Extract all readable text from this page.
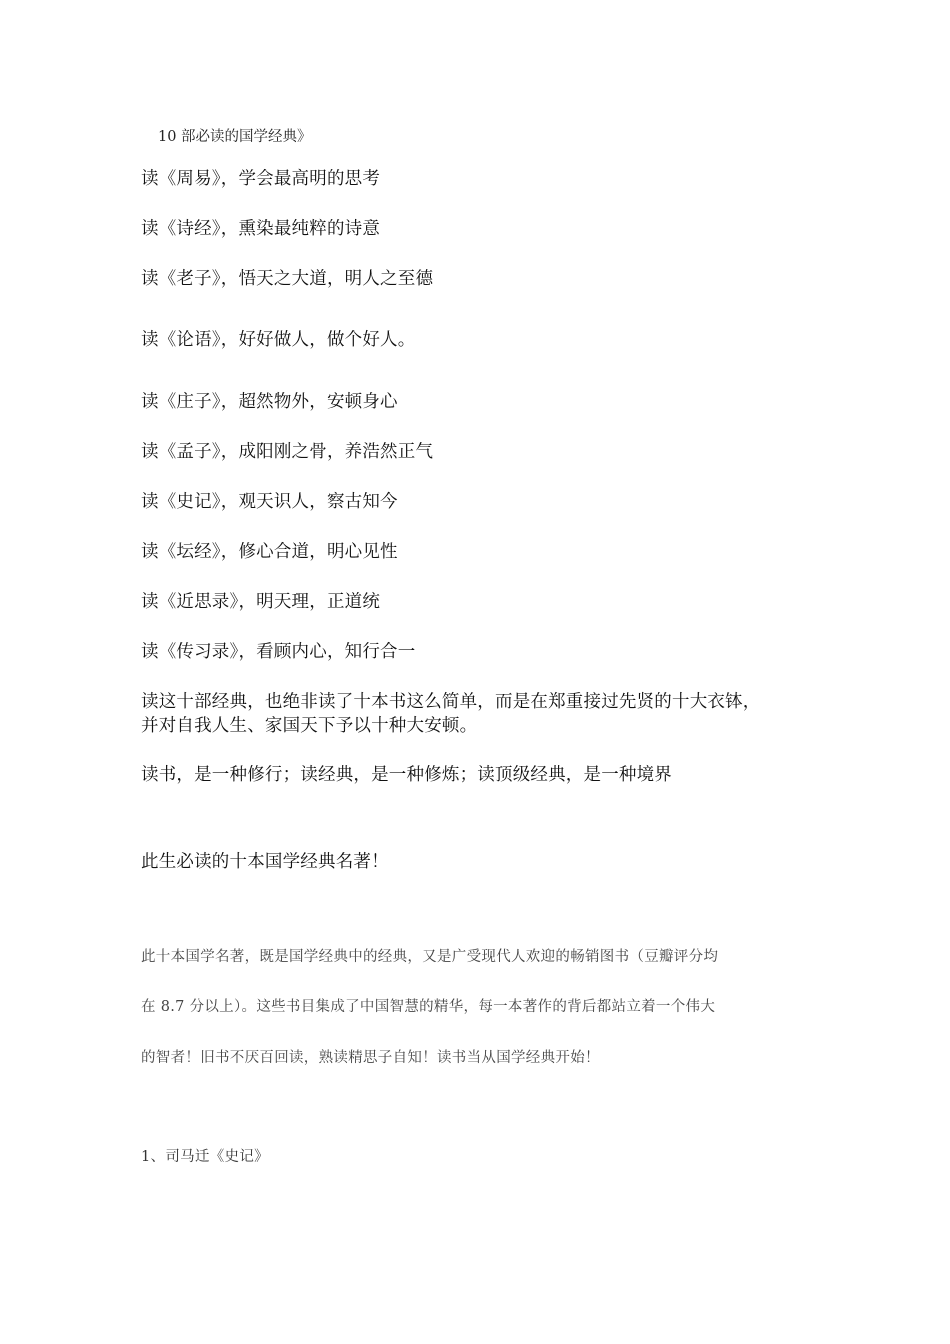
10 部必读的国学经典》
读《周易》，学会最高明的思考
读《诗经》，熏染最纯粹的诗意
读《老子》，悟天之大道，明人之至德
读《论语》，好好做人，做个好人。
读《庄子》，超然物外，安顿身心
读《孟子》，成阳刚之骨，养浩然正气
读《史记》，观天识人，察古知今
读《坛经》，修心合道，明心见性
读《近思录》，明天理，正道统
读《传习录》，看顾内心，知行合一
读这十部经典，也绝非读了十本书这么简单，而是在郑重接过先贤的十大衣钵，
并对自我人生、家国天下予以十种大安顿。
读书，是一种修行；读经典，是一种修炼；读顶级经典，是一种境界
此生必读的十本国学经典名著！
此十本国学名著，既是国学经典中的经典，又是广受现代人欢迎的畅销图书（豆瓣评分均
在 8.7 分以上）。这些书目集成了中国智慧的精华，每一本著作的背后都站立着一个伟大
的智者！旧书不厌百回读，熟读精思子自知！读书当从国学经典开始！
1、司马迁《史记》
